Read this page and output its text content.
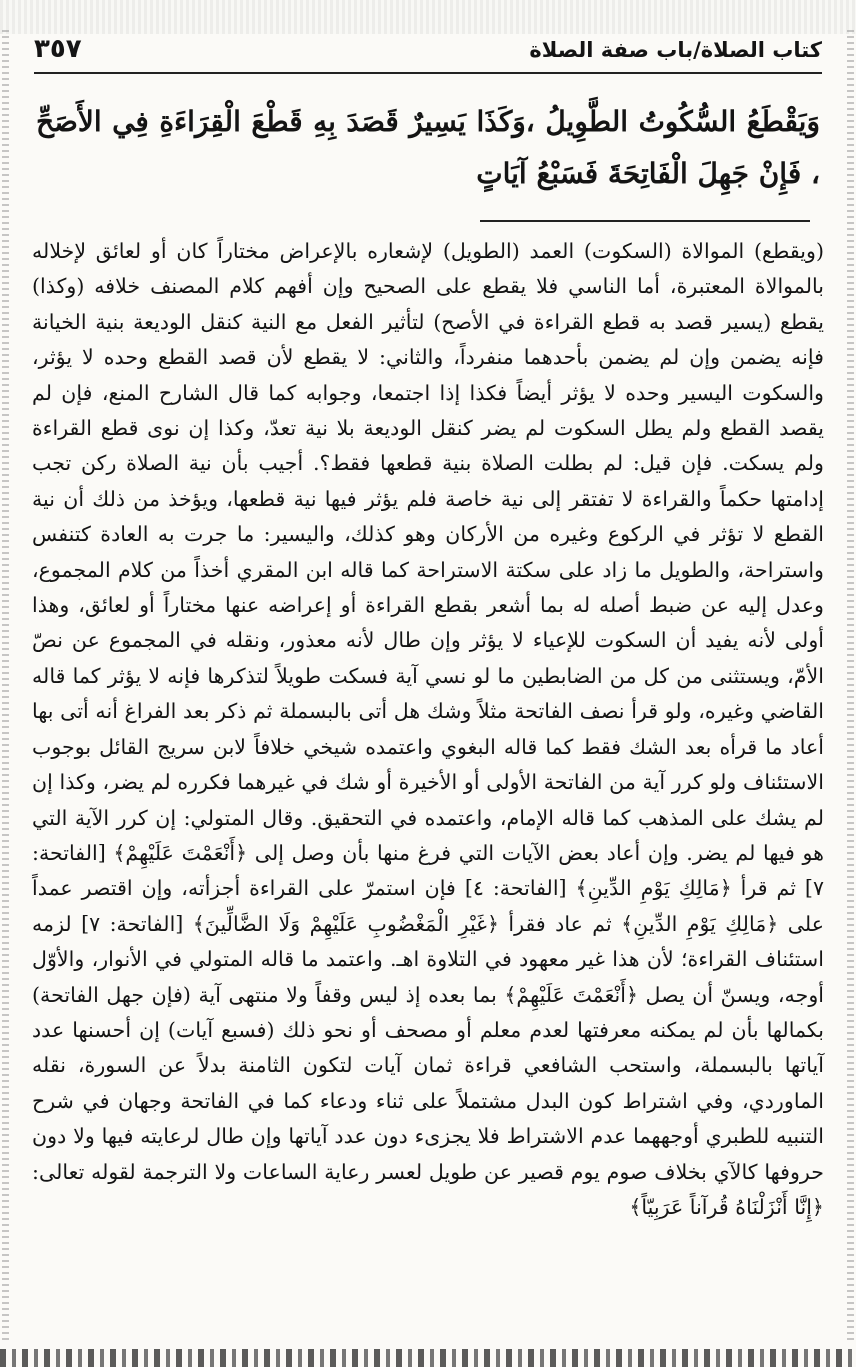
كتاب الصلاة/باب صفة الصلاة
٣٥٧
وَيَقْطَعُ السُّكُوتُ الطَّوِيلُ ،وَكَذَا يَسِيرٌ قَصَدَ بِهِ قَطْعَ الْقِرَاءَةِ فِي الأَصَحِّ ، فَإِنْ جَهِلَ الْفَاتِحَةَ فَسَبْعُ آيَاتٍ
(ويقطع) الموالاة (السكوت) العمد (الطويل) لإشعاره بالإعراض مختاراً كان أو لعائق لإخلاله بالموالاة المعتبرة، أما الناسي فلا يقطع على الصحيح وإن أفهم كلام المصنف خلافه (وكذا) يقطع (يسير قصد به قطع القراءة في الأصح) لتأثير الفعل مع النية كنقل الوديعة بنية الخيانة فإنه يضمن وإن لم يضمن بأحدهما منفرداً، والثاني: لا يقطع لأن قصد القطع وحده لا يؤثر، والسكوت اليسير وحده لا يؤثر أيضاً فكذا إذا اجتمعا، وجوابه كما قال الشارح المنع، فإن لم يقصد القطع ولم يطل السكوت لم يضر كنقل الوديعة بلا نية تعدّ، وكذا إن نوى قطع القراءة ولم يسكت. فإن قيل: لم بطلت الصلاة بنية قطعها فقط؟. أجيب بأن نية الصلاة ركن تجب إدامتها حكماً والقراءة لا تفتقر إلى نية خاصة فلم يؤثر فيها نية قطعها، ويؤخذ من ذلك أن نية القطع لا تؤثر في الركوع وغيره من الأركان وهو كذلك، واليسير: ما جرت به العادة كتنفس واستراحة، والطويل ما زاد على سكتة الاستراحة كما قاله ابن المقري أخذاً من كلام المجموع، وعدل إليه عن ضبط أصله له بما أشعر بقطع القراءة أو إعراضه عنها مختاراً أو لعائق، وهذا أولى لأنه يفيد أن السكوت للإعياء لا يؤثر وإن طال لأنه معذور، ونقله في المجموع عن نصّ الأمّ، ويستثنى من كل من الضابطين ما لو نسي آية فسكت طويلاً لتذكرها فإنه لا يؤثر كما قاله القاضي وغيره، ولو قرأ نصف الفاتحة مثلاً وشك هل أتى بالبسملة ثم ذكر بعد الفراغ أنه أتى بها أعاد ما قرأه بعد الشك فقط كما قاله البغوي واعتمده شيخي خلافاً لابن سريج القائل بوجوب الاستئناف ولو كرر آية من الفاتحة الأولى أو الأخيرة أو شك في غيرهما فكرره لم يضر، وكذا إن لم يشك على المذهب كما قاله الإمام، واعتمده في التحقيق. وقال المتولي: إن كرر الآية التي هو فيها لم يضر. وإن أعاد بعض الآيات التي فرغ منها بأن وصل إلى ﴿أَنْعَمْتَ عَلَيْهِمْ﴾ [الفاتحة: ٧] ثم قرأ ﴿مَالِكِ يَوْمِ الدِّينِ﴾ [الفاتحة: ٤] فإن استمرّ على القراءة أجزأته، وإن اقتصر عمداً على ﴿مَالِكِ يَوْمِ الدِّينِ﴾ ثم عاد فقرأ ﴿غَيْرِ الْمَغْضُوبِ عَلَيْهِمْ وَلَا الضَّالِّينَ﴾ [الفاتحة: ٧] لزمه استئناف القراءة؛ لأن هذا غير معهود في التلاوة اهـ. واعتمد ما قاله المتولي في الأنوار، والأوّل أوجه، ويسنّ أن يصل ﴿أَنْعَمْتَ عَلَيْهِمْ﴾ بما بعده إذ ليس وقفاً ولا منتهى آية (فإن جهل الفاتحة) بكمالها بأن لم يمكنه معرفتها لعدم معلم أو مصحف أو نحو ذلك (فسبع آيات) إن أحسنها عدد آياتها بالبسملة، واستحب الشافعي قراءة ثمان آيات لتكون الثامنة بدلاً عن السورة، نقله الماوردي، وفي اشتراط كون البدل مشتملاً على ثناء ودعاء كما في الفاتحة وجهان في شرح التنبيه للطبري أوجههما عدم الاشتراط فلا يجزىء دون عدد آياتها وإن طال لرعايته فيها ولا دون حروفها كالآي بخلاف صوم يوم قصير عن طويل لعسر رعاية الساعات ولا الترجمة لقوله تعالى: ﴿إِنَّا أَنْزَلْنَاهُ قُرآناً عَرَبِيّاً﴾
